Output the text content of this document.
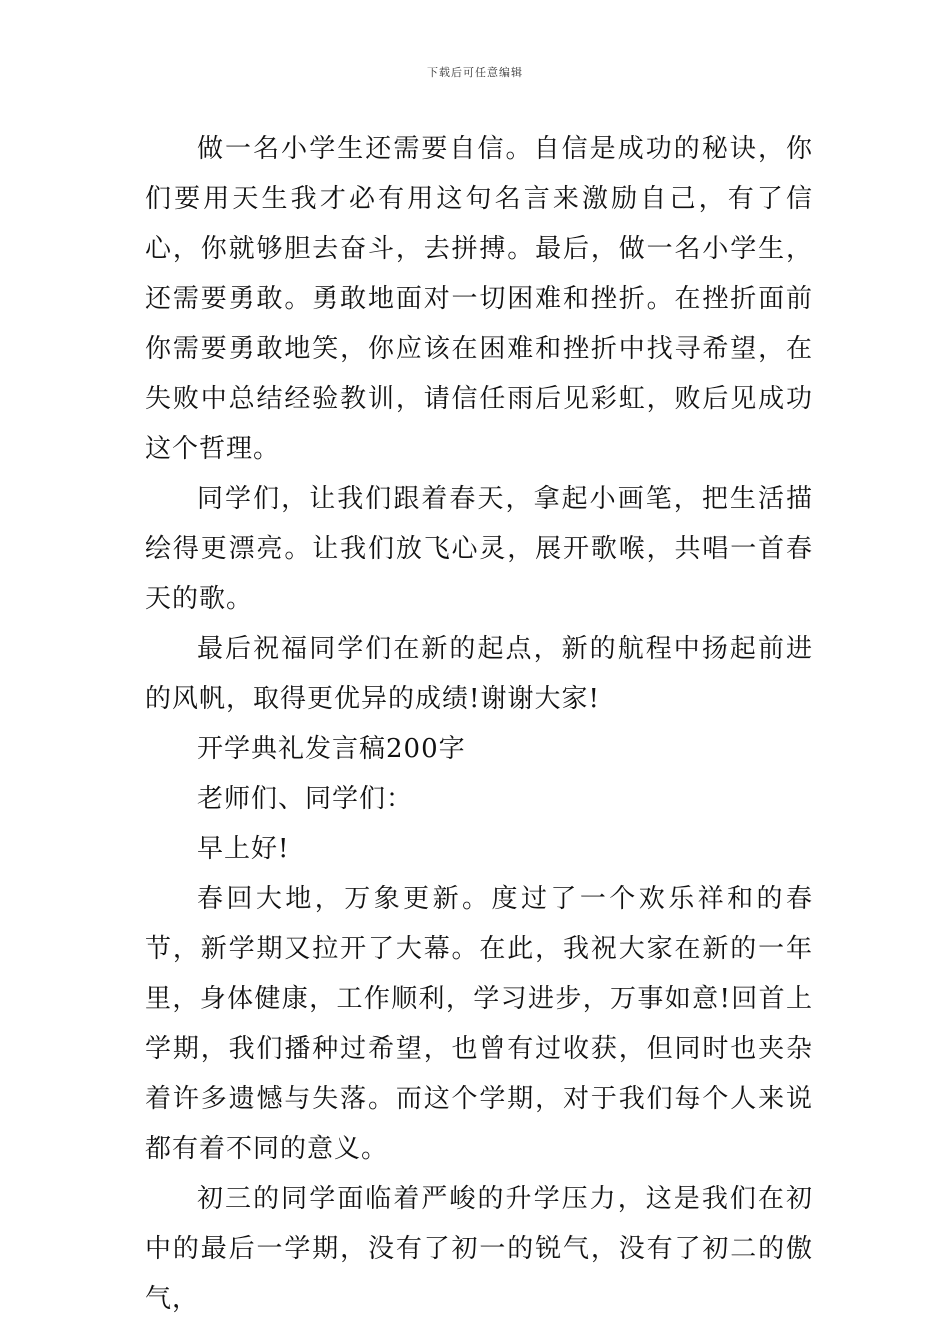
下载后可任意编辑

做一名小学生还需要自信。自信是成功的秘诀，你们要用天生我才必有用这句名言来激励自己，有了信心，你就够胆去奋斗，去拼搏。最后，做一名小学生，还需要勇敢。勇敢地面对一切困难和挫折。在挫折面前你需要勇敢地笑，你应该在困难和挫折中找寻希望，在失败中总结经验教训，请信任雨后见彩虹，败后见成功这个哲理。

同学们，让我们跟着春天，拿起小画笔，把生活描绘得更漂亮。让我们放飞心灵，展开歌喉，共唱一首春天的歌。

最后祝福同学们在新的起点，新的航程中扬起前进的风帆，取得更优异的成绩!谢谢大家!

开学典礼发言稿200字

老师们、同学们：

早上好!

春回大地，万象更新。度过了一个欢乐祥和的春节，新学期又拉开了大幕。在此，我祝大家在新的一年里，身体健康，工作顺利，学习进步，万事如意!回首上学期，我们播种过希望，也曾有过收获，但同时也夹杂着许多遗憾与失落。而这个学期，对于我们每个人来说都有着不同的意义。

初三的同学面临着严峻的升学压力，这是我们在初中的最后一学期，没有了初一的锐气，没有了初二的傲气，
